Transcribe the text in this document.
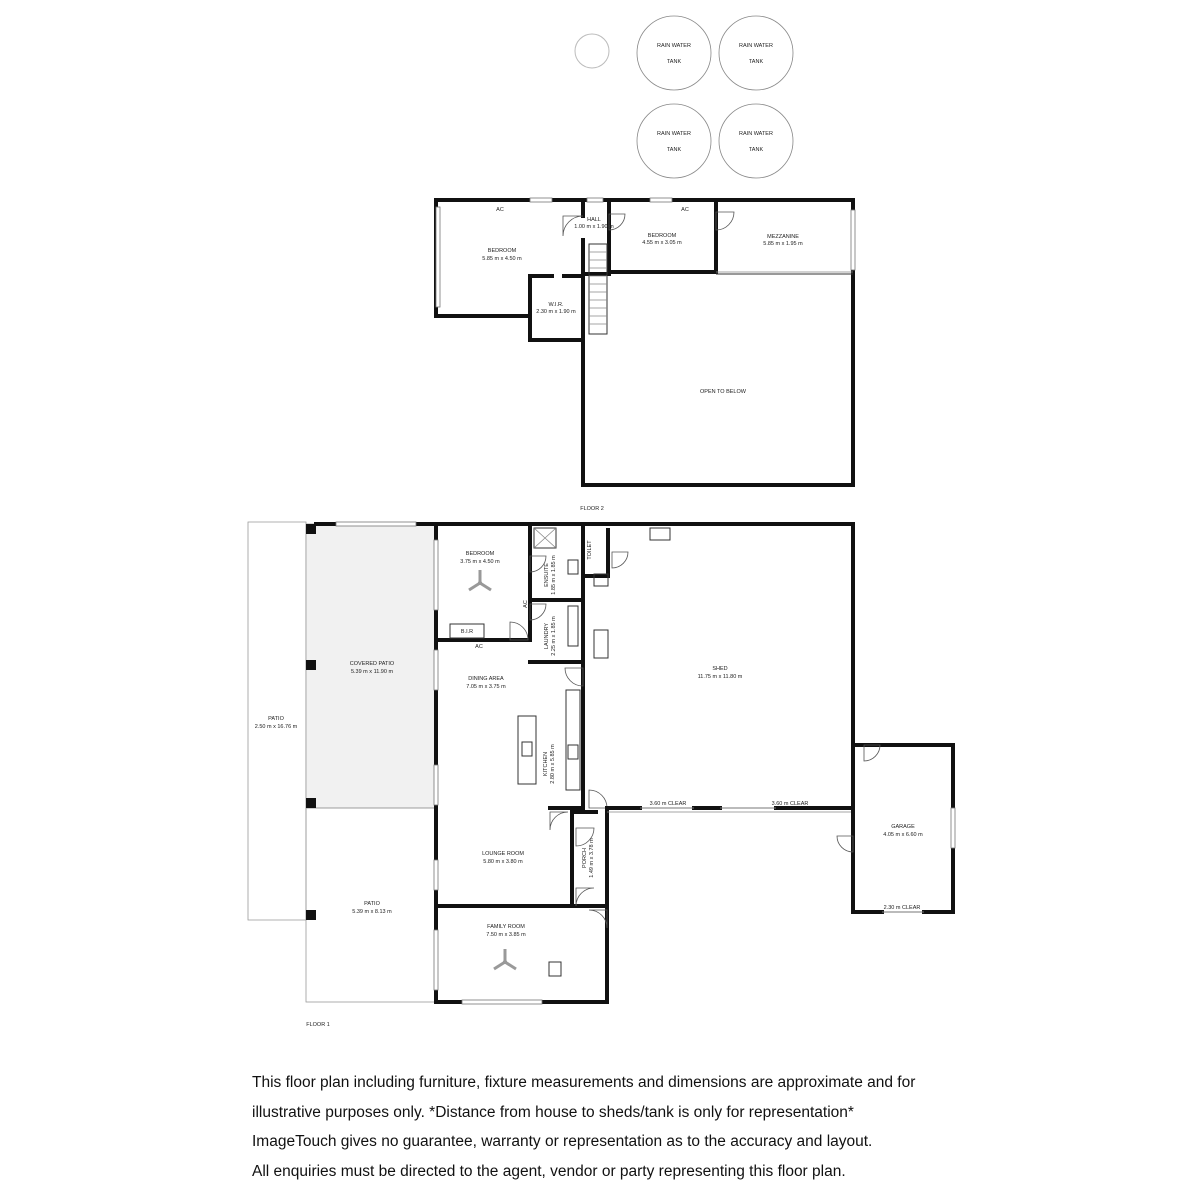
RAIN WATER
TANK
RAIN WATER
TANK
RAIN WATER
TANK
RAIN WATER
TANK
AC	AC
BEDROOM
5.85 m x 4.50 m
HALL
1.00 m x 1.90 m
BEDROOM
4.55 m x 3.05 m
MEZZANINE
5.85 m x 1.95 m
W.I.R.
2.30 m x 1.90 m
OPEN TO BELOW
FLOOR 2
PATIO
2.50 m x 16.76 m
COVERED PATIO
5.39 m x 11.90 m
PATIO
5.39 m x 8.13 m
BEDROOM
3.75 m x 4.50 m
B.I.R
AC
AC
ENSUITE 1.85 m x 1.85 m
TOILET
LAUNDRY 2.25 m x 1.85 m
DINING AREA
7.05 m x 3.75 m
KITCHEN 2.80 m x 5.85 m
LOUNGE ROOM
5.80 m x 3.80 m	PORCH 1.49 m x 3.78 m
FAMILY ROOM
7.50 m x 3.85 m
SHED
11.75 m x 11.80 m
3.60 m CLEAR	3.60 m CLEAR
GARAGE
4.05 m x 6.60 m
2.30 m CLEAR
FLOOR 1
This floor plan including furniture, fixture measurements and dimensions are approximate and for
illustrative purposes only. *Distance from house to sheds/tank is only for representation*
ImageTouch gives no guarantee, warranty or representation as to the accuracy and layout.
All enquiries must be directed to the agent, vendor or party representing this floor plan.
